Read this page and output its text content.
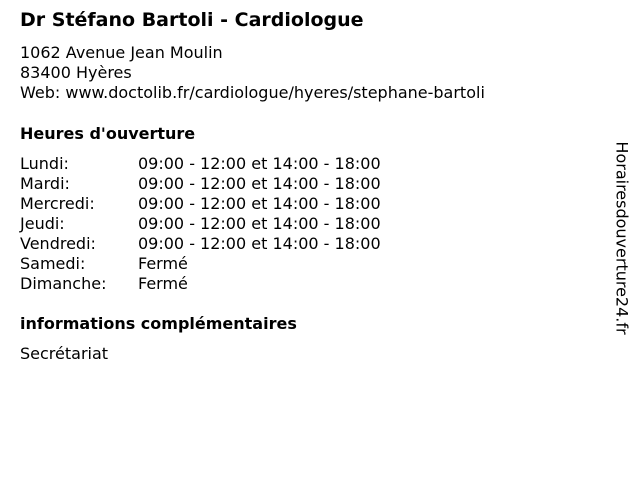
Dr Stéfano Bartoli - Cardiologue
1062 Avenue Jean Moulin
83400 Hyères
Web: www.doctolib.fr/cardiologue/hyeres/stephane-bartoli
Heures d'ouverture
Lundi:	09:00 - 12:00 et 14:00 - 18:00
Mardi:	09:00 - 12:00 et 14:00 - 18:00
Mercredi:	09:00 - 12:00 et 14:00 - 18:00
Jeudi:	09:00 - 12:00 et 14:00 - 18:00
Vendredi:	09:00 - 12:00 et 14:00 - 18:00
Samedi:	Fermé
Dimanche:	Fermé
informations complémentaires
Secrétariat
Horairesdouverture24.fr
